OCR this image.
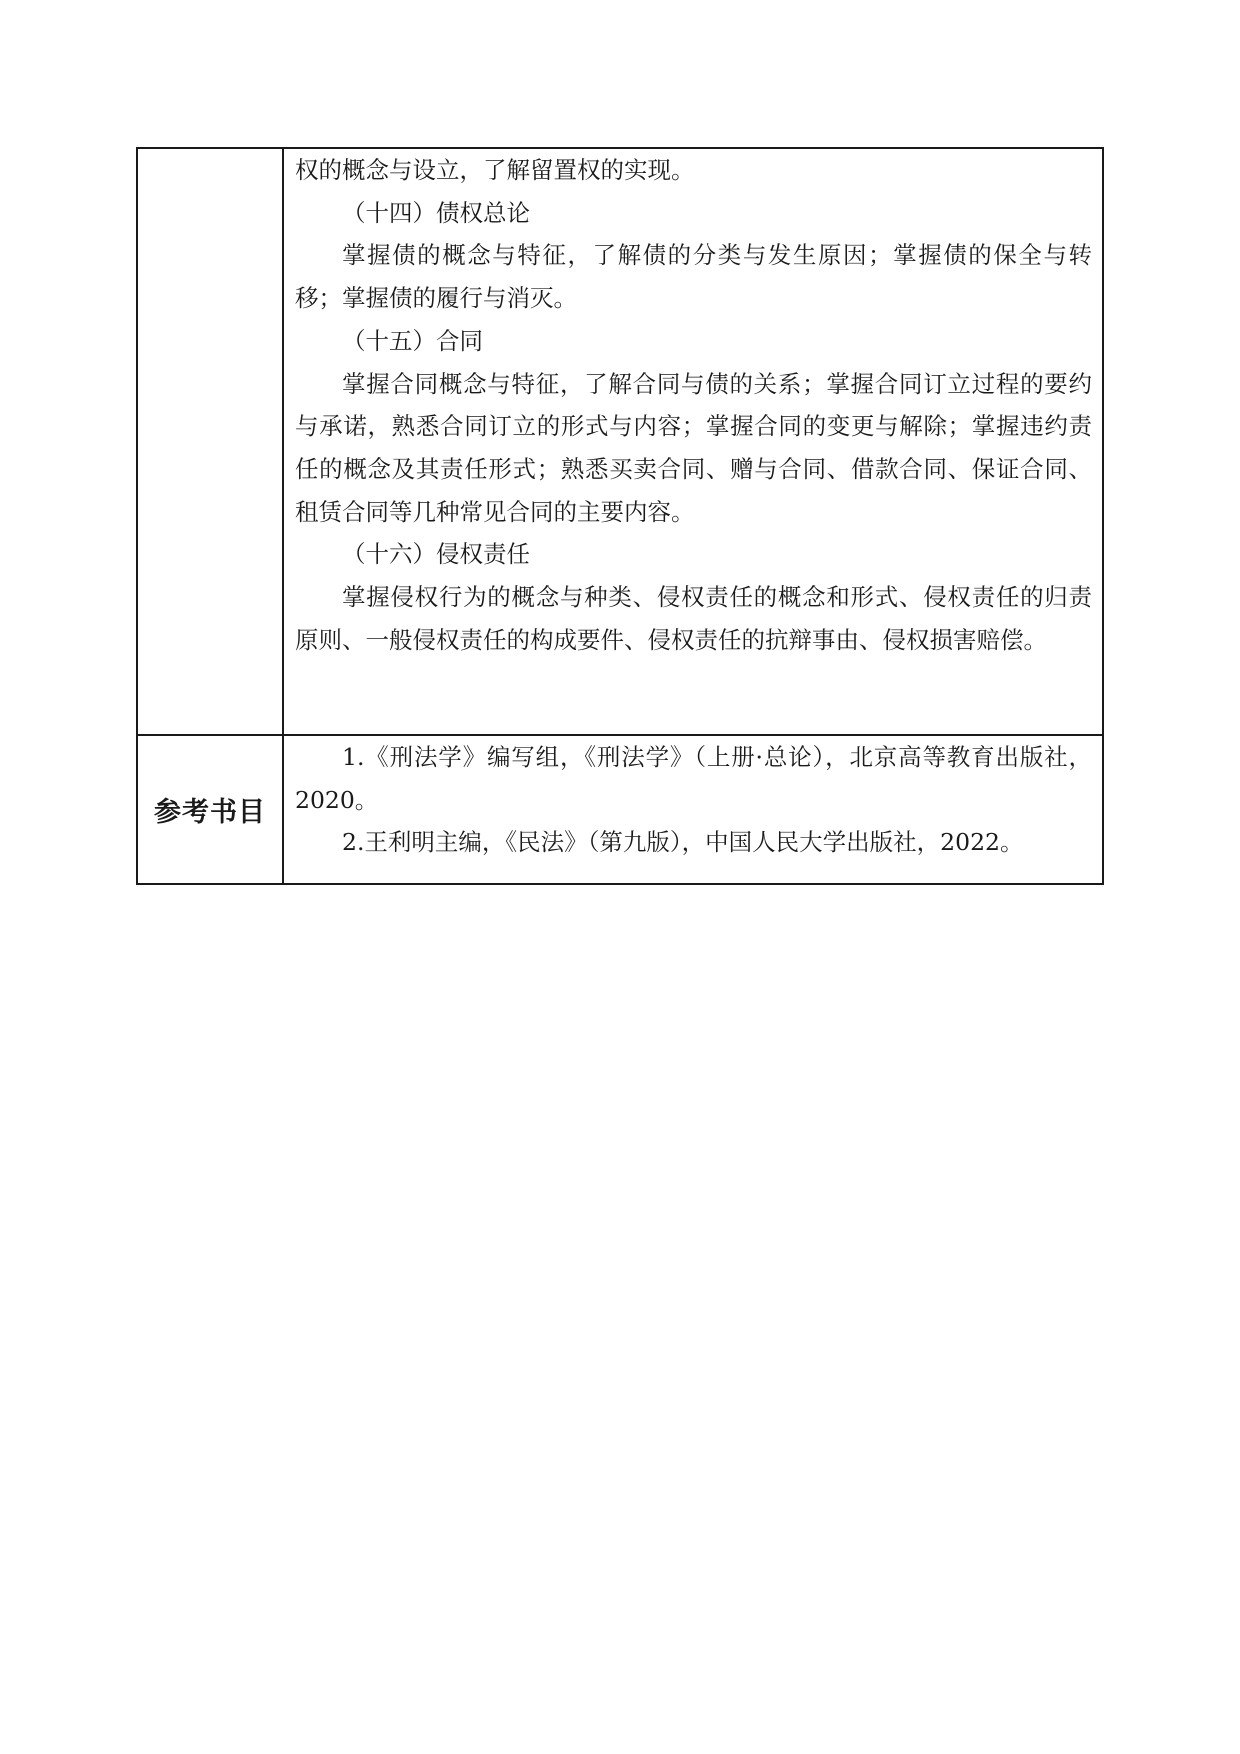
权的概念与设立，了解留置权的实现。

（十四）债权总论

掌握债的概念与特征，了解债的分类与发生原因；掌握债的保全与转移；掌握债的履行与消灭。

（十五）合同

掌握合同概念与特征，了解合同与债的关系；掌握合同订立过程的要约与承诺，熟悉合同订立的形式与内容；掌握合同的变更与解除；掌握违约责任的概念及其责任形式；熟悉买卖合同、赠与合同、借款合同、保证合同、租赁合同等几种常见合同的主要内容。

（十六）侵权责任

掌握侵权行为的概念与种类、侵权责任的概念和形式、侵权责任的归责原则、一般侵权责任的构成要件、侵权责任的抗辩事由、侵权损害赔偿。

参考书目	1.《刑法学》编写组，《刑法学》（上册·总论），北京高等教育出版社，2020。

2.王利明主编，《民法》（第九版），中国人民大学出版社，2022。
